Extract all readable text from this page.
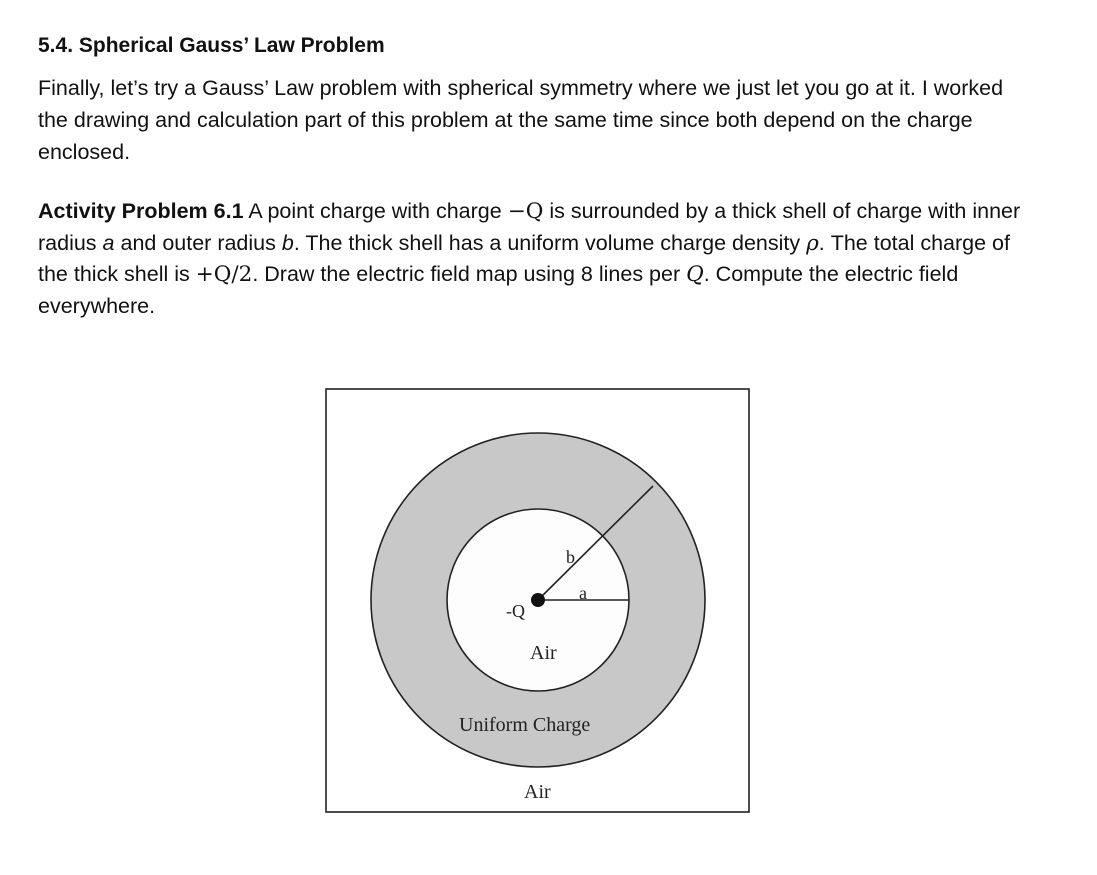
5.4. Spherical Gauss’ Law Problem

Finally, let’s try a Gauss’ Law problem with spherical symmetry where we just let you go at it. I worked the drawing and calculation part of this problem at the same time since both depend on the charge enclosed.

Activity Problem 6.1 A point charge with charge −Q is surrounded by a thick shell of charge with inner radius a and outer radius b. The thick shell has a uniform volume charge density ρ. The total charge of the thick shell is +Q/2. Draw the electric field map using 8 lines per Q. Compute the electric field everywhere.

b
a
-Q
Air
Uniform Charge
Air
